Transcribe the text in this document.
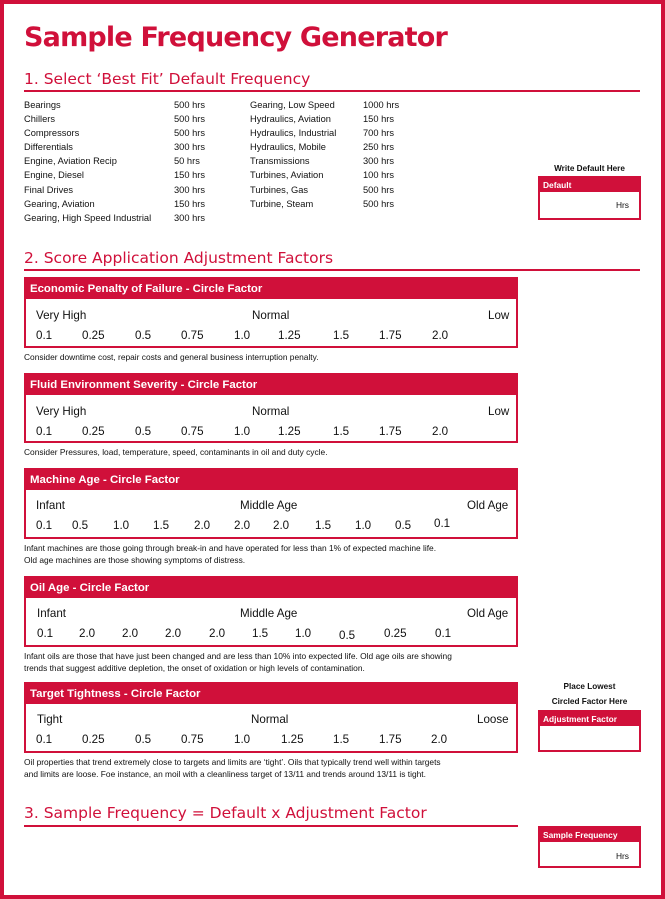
Sample Frequency Generator
1. Select ‘Best Fit’ Default Frequency
Bearings	500 hrs
Chillers	500 hrs
Compressors	500 hrs
Differentials	300 hrs
Engine, Aviation Recip	50 hrs
Engine, Diesel	150 hrs
Final Drives	300 hrs
Gearing, Aviation	150 hrs
Gearing, High Speed Industrial 300 hrs
Gearing, Low Speed	1000 hrs
Hydraulics, Aviation	150 hrs
Hydraulics, Industrial	700 hrs
Hydraulics, Mobile	250 hrs
Transmissions	300 hrs
Turbines, Aviation	100 hrs
Turbines, Gas	500 hrs
Turbine, Steam	500 hrs
Write Default Here
Default
Hrs
2. Score Application Adjustment Factors
Economic Penalty of Failure - Circle Factor
Very High	Normal	Low
0.1	0.25	0.5	0.75	1.0 1.25	1.5	1.75	2.0
Consider downtime cost, repair costs and general business interruption penalty.
Fluid Environment Severity - Circle Factor
Very High	Normal	Low
0.1	0.25	0.5	0.75	1.0 1.25	1.5	1.75	2.0
Consider Pressures, load, temperature, speed, contaminants in oil and duty cycle.
Machine Age - Circle Factor
Infant	Middle Age	Old Age
0.1 0.5 1.0 1.5 2.0 2.0 2.0 1.5 1.0 0.5 0.1
Infant machines are those going through break-in and have operated for less than 1% of expected machine life.
Old age machines are those showing symptoms of distress.
Oil Age - Circle Factor
Infant	Middle Age	Old Age
0.1 2.0 2.0 2.0 2.0 1.5 1.0 0.5 0.25 0.1
Infant oils are those that have just been changed and are less than 10% into expected life. Old age oils are showing
trends that suggest additive depletion, the onset of oxidation or high levels of contamination.
Target Tightness - Circle Factor
Tight	Normal	Loose
0.1	0.25	0.5	0.75	1.0	1.25	1.5	1.75	2.0
Oil properties that trend extremely close to targets and limits are ‘tight’. Oils that typically trend well within targets
and limits are loose. Foe instance, an moil with a cleanliness target of 13/11 and trends around 13/11 is tight.
Place Lowest
Circled Factor Here
Adjustment Factor
3. Sample Frequency = Default x Adjustment Factor
Sample Frequency
Hrs
